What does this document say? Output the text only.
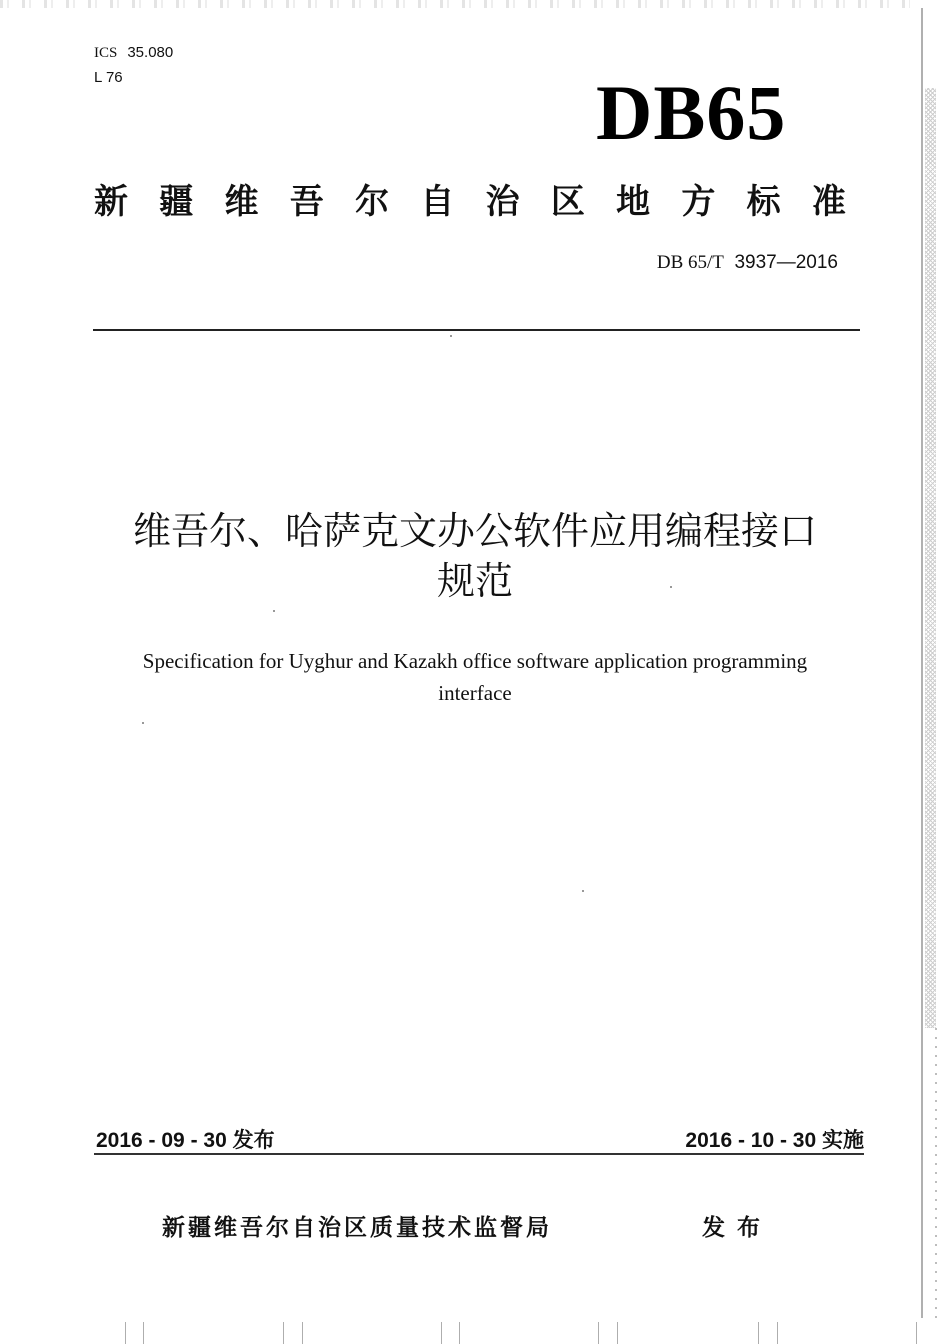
ICS 35.080
L 76	DB65
新 疆 维 吾 尔 自 治 区 地 方 标 准
DB 65/T 3937—2016
维吾尔、哈萨克文办公软件应用编程接口
规范
Specification for Uyghur and Kazakh office software application programming
interface
2016 - 09 - 30 发布	2016 - 10 - 30 实施
新疆维吾尔自治区质量技术监督局	发布
